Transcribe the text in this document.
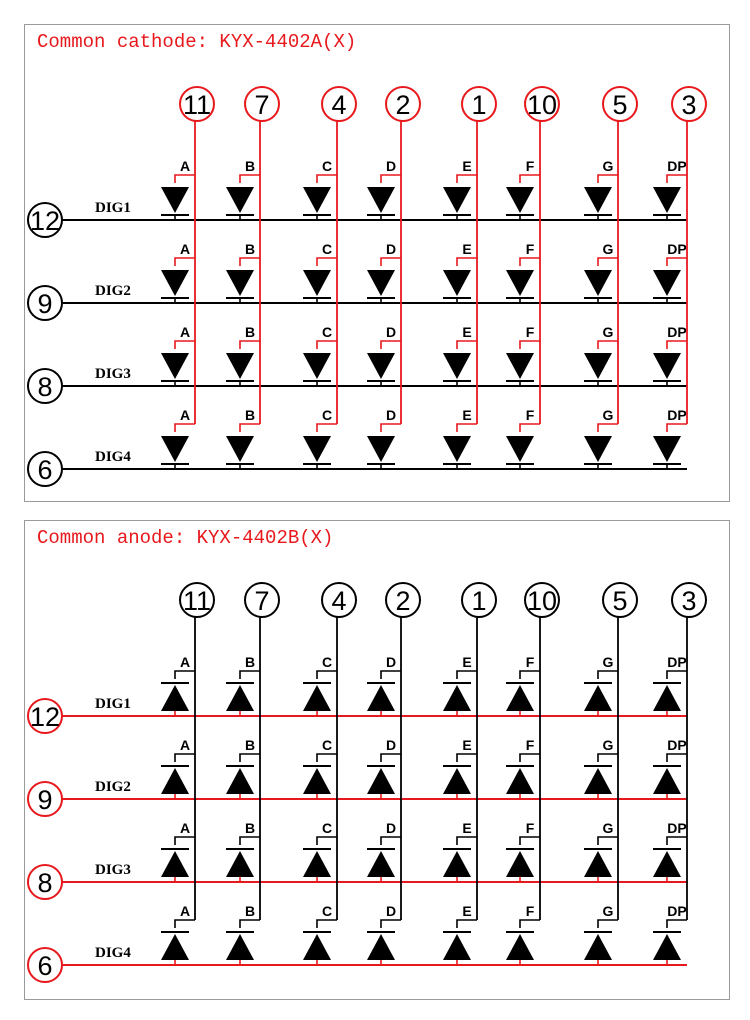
Common cathode: KYX-4402A(X)
DIG1
12
A	B	C	D	E	F	G	DP
DIG2
9
A	B	C	D	E	F	G	DP
DIG3
8
A	B	C	D	E	F	G	DP
DIG4
6
A	B	C	D	E	F	G	DP
11 7 4 2 1 10 5 3
Common anode: KYX-4402B(X)
DIG1
12
A	B	C	D	E	F	G	DP
DIG2
9
A	B	C	D	E	F	G	DP
DIG3
8
A	B	C	D	E	F	G	DP
DIG4
6
A	B	C	D	E	F	G	DP
11 7 4 2 1 10 5 3
